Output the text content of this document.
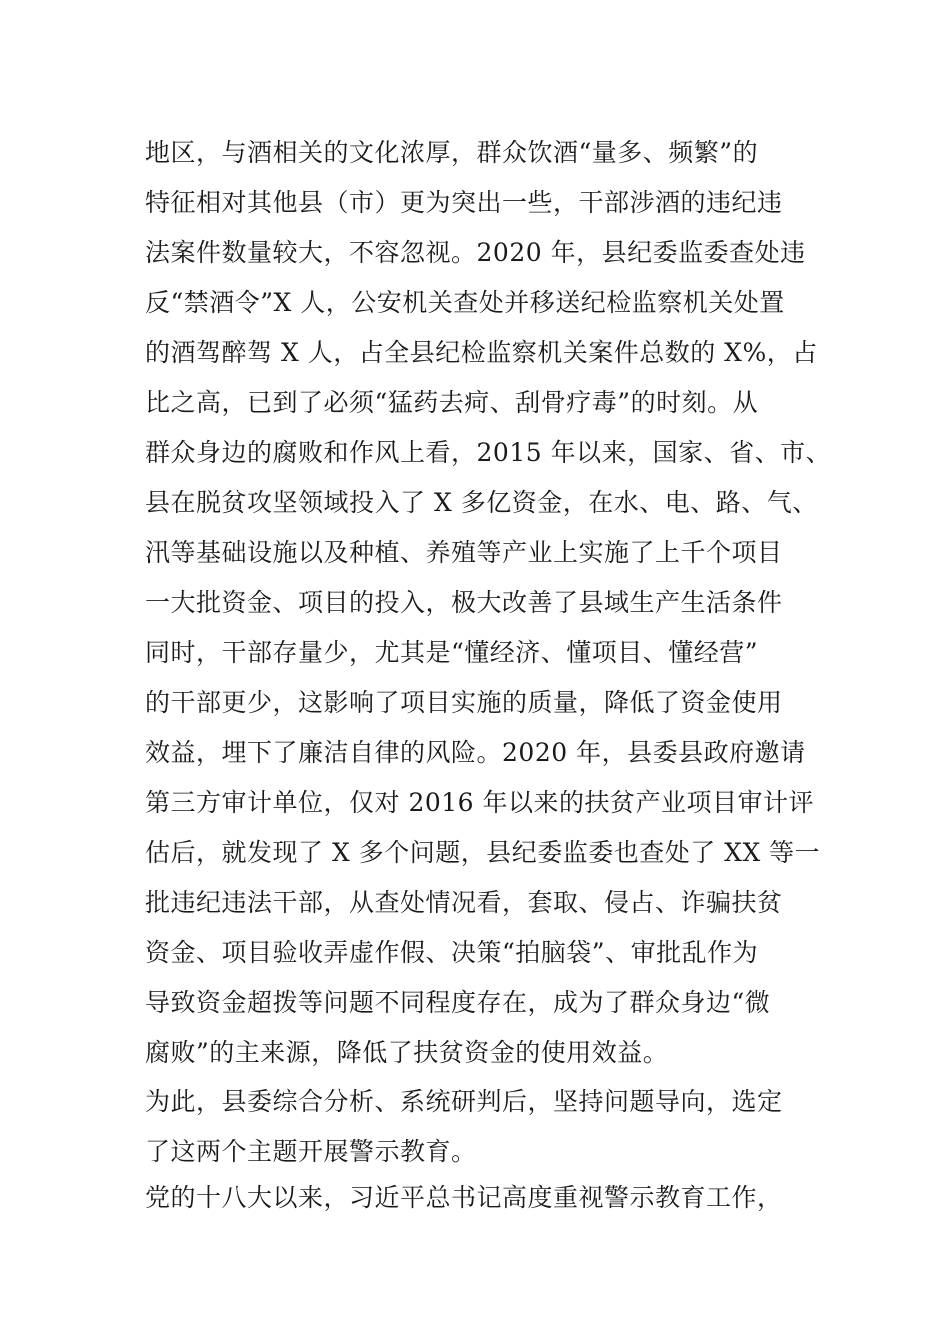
地区，与酒相关的文化浓厚，群众饮酒“量多、频繁”的
特征相对其他县（市）更为突出一些，干部涉酒的违纪违
法案件数量较大，不容忽视。2020 年，县纪委监委查处违
反“禁酒令”X 人，公安机关查处并移送纪检监察机关处置
的酒驾醉驾 X 人，占全县纪检监察机关案件总数的 X%，占
比之高，已到了必须“猛药去疴、刮骨疗毒”的时刻。从
群众身边的腐败和作风上看，2015 年以来，国家、省、市、
县在脱贫攻坚领域投入了 X 多亿资金，在水、电、路、气、
汛等基础设施以及种植、养殖等产业上实施了上千个项目
一大批资金、项目的投入，极大改善了县域生产生活条件
同时，干部存量少，尤其是“懂经济、懂项目、懂经营”
的干部更少，这影响了项目实施的质量，降低了资金使用
效益，埋下了廉洁自律的风险。2020 年，县委县政府邀请
第三方审计单位，仅对 2016 年以来的扶贫产业项目审计评
估后，就发现了 X 多个问题，县纪委监委也查处了 XX 等一
批违纪违法干部，从查处情况看，套取、侵占、诈骗扶贫
资金、项目验收弄虚作假、决策“拍脑袋”、审批乱作为
导致资金超拨等问题不同程度存在，成为了群众身边“微
腐败”的主来源，降低了扶贫资金的使用效益。
为此，县委综合分析、系统研判后，坚持问题导向，选定
了这两个主题开展警示教育。
党的十八大以来，习近平总书记高度重视警示教育工作，
